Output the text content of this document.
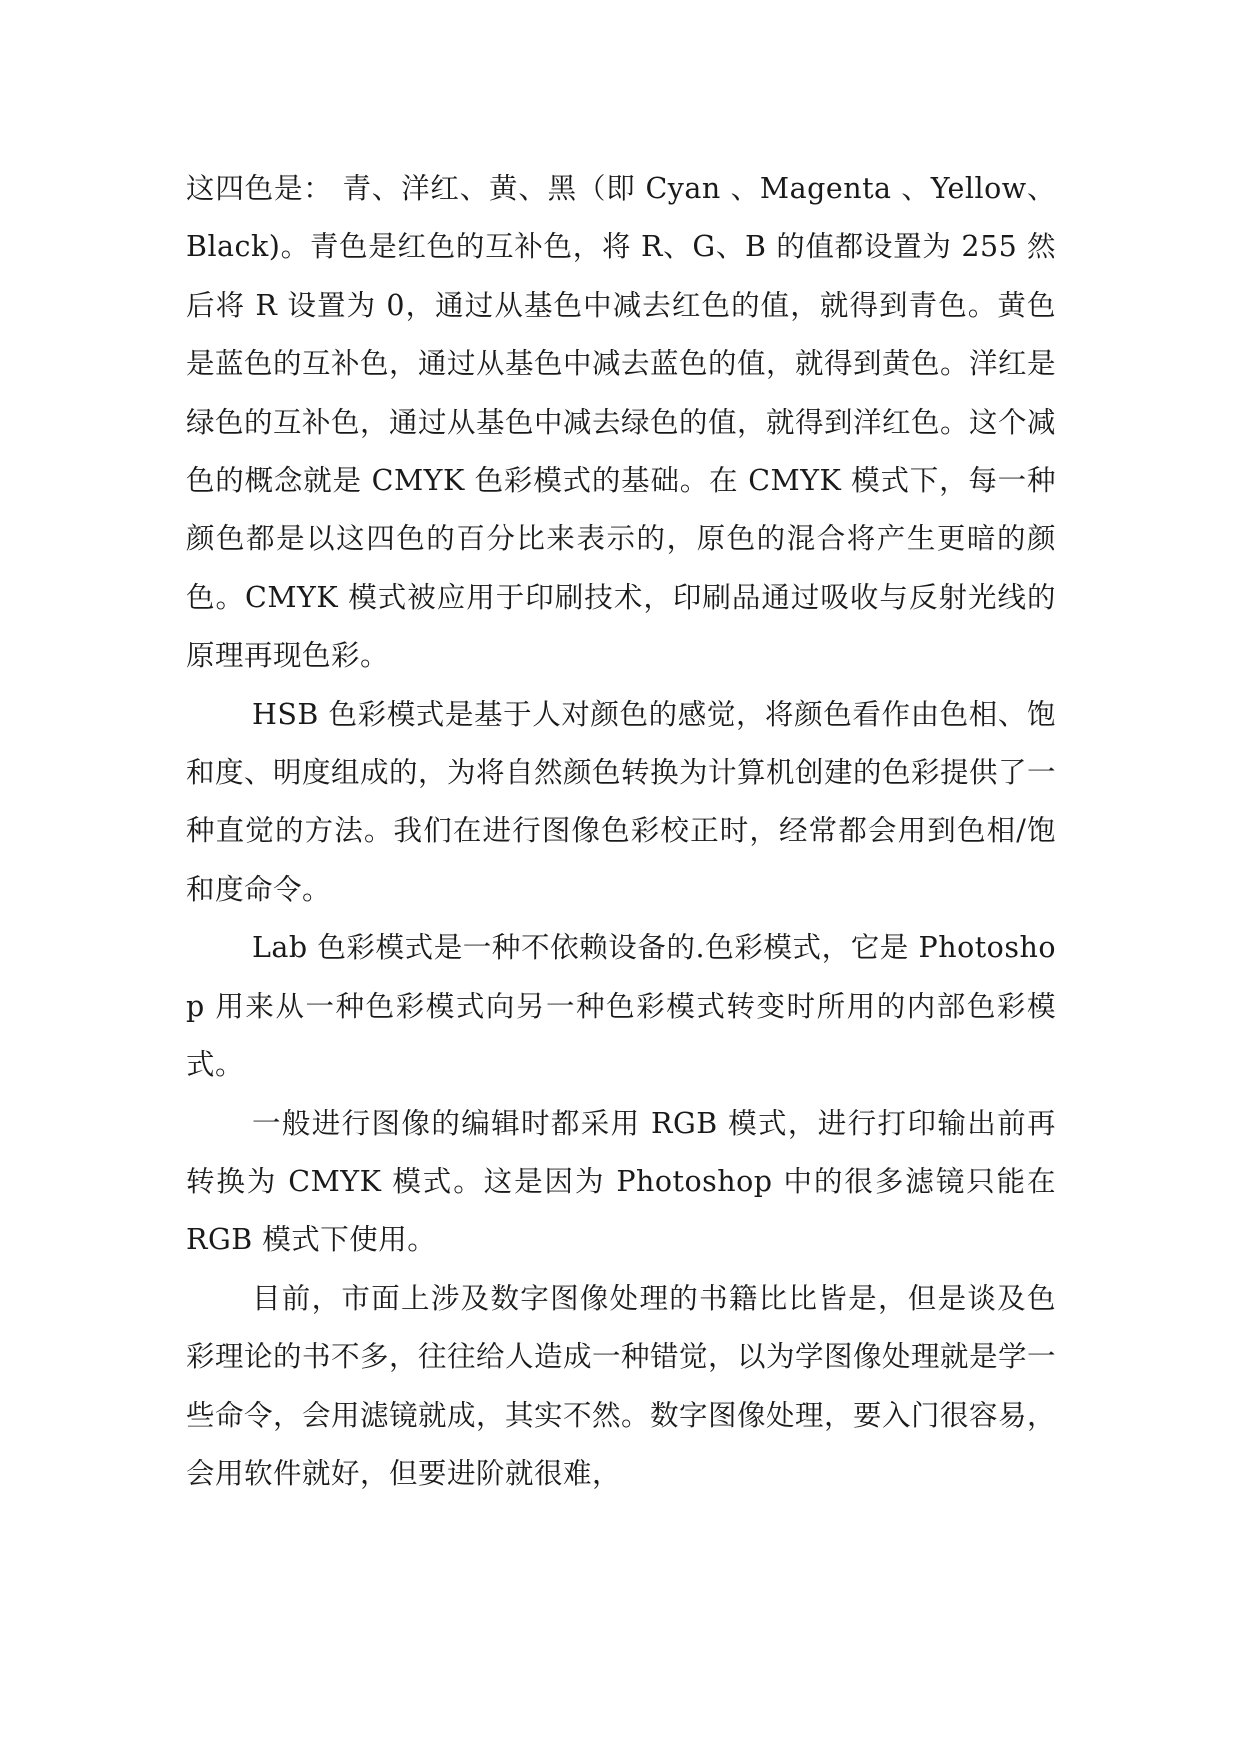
这四色是： 青、洋红、黄、黑（即 Cyan 、Magenta 、Yellow、Black)。青色是红色的互补色，将 R、G、B 的值都设置为 255 然后将 R 设置为 0，通过从基色中减去红色的值，就得到青色。黄色是蓝色的互补色，通过从基色中减去蓝色的值，就得到黄色。洋红是绿色的互补色，通过从基色中减去绿色的值，就得到洋红色。这个减色的概念就是 CMYK 色彩模式的基础。在 CMYK 模式下，每一种颜色都是以这四色的百分比来表示的，原色的混合将产生更暗的颜色。CMYK 模式被应用于印刷技术，印刷品通过吸收与反射光线的原理再现色彩。

HSB 色彩模式是基于人对颜色的感觉，将颜色看作由色相、饱和度、明度组成的，为将自然颜色转换为计算机创建的色彩提供了一种直觉的方法。我们在进行图像色彩校正时，经常都会用到色相/饱和度命令。

Lab 色彩模式是一种不依赖设备的.色彩模式，它是 Photoshop 用来从一种色彩模式向另一种色彩模式转变时所用的内部色彩模式。

一般进行图像的编辑时都采用 RGB 模式，进行打印输出前再转换为 CMYK 模式。这是因为 Photoshop 中的很多滤镜只能在 RGB 模式下使用。

目前，市面上涉及数字图像处理的书籍比比皆是，但是谈及色彩理论的书不多，往往给人造成一种错觉，以为学图像处理就是学一些命令，会用滤镜就成，其实不然。数字图像处理，要入门很容易，会用软件就好，但要进阶就很难，
